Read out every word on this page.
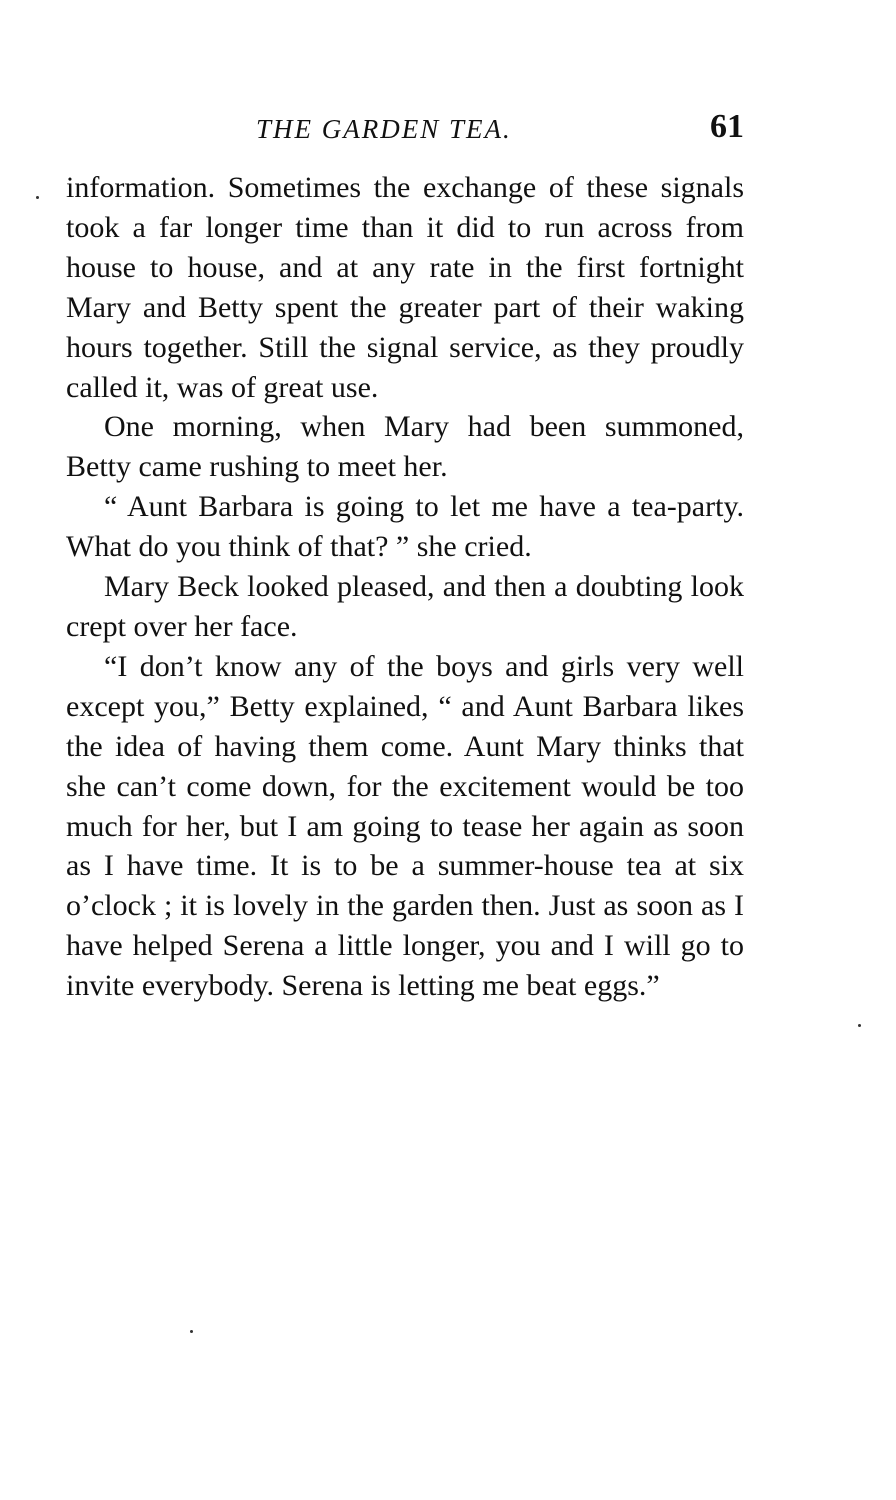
THE GARDEN TEA.	61

information. Sometimes the exchange of these signals took a far longer time than it did to run across from house to house, and at any rate in the first fortnight Mary and Betty spent the greater part of their waking hours together. Still the signal service, as they proudly called it, was of great use.

One morning, when Mary had been summoned, Betty came rushing to meet her.

“ Aunt Barbara is going to let me have a tea-party. What do you think of that? ” she cried.

Mary Beck looked pleased, and then a doubting look crept over her face.

“I don’t know any of the boys and girls very well except you,” Betty explained, “ and Aunt Barbara likes the idea of having them come. Aunt Mary thinks that she can’t come down, for the excitement would be too much for her, but I am going to tease her again as soon as I have time. It is to be a summer-house tea at six o’clock ; it is lovely in the garden then. Just as soon as I have helped Serena a little longer, you and I will go to invite everybody. Serena is letting me beat eggs.”
